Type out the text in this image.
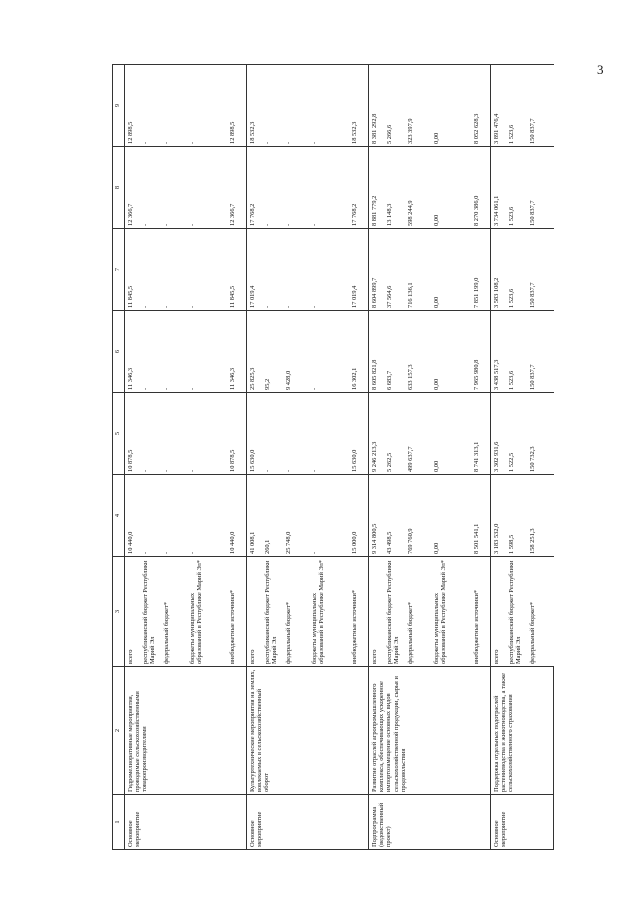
3
1	2	3	4	5	6	7	8	9
Основное мероприятие	Гидромелиоративные мероприятия, проводимые сельскохозяйственными товаропроизводителями	всего	10 440,0	10 878,5	11 346,3	11 845,5	12 366,7	12 898,5
		республиканский бюджет Республики Марий Эл	-	-	-	-	-	-
		федеральный бюджет*	-	-	-	-	-	-
		бюджеты муниципальных образований в Республике Марий Эл*	-	-	-	-	-	-
		внебюджетные источники*	10 440,0	10 878,5	11 346,3	11 845,5	12 366,7	12 898,5
Основное мероприятие	Культуртехнические мероприятия на землях, вовлекаемых в сельскохозяйственный оборот	всего	41 008,1	15 630,0	25 825,3	17 019,4	17 768,2	18 532,3
		республиканский бюджет Республики Марий Эл	260,1	-	95,2	-	-	-
		федеральный бюджет*	25 748,0	-	9 428,0	-	-	-
		бюджеты муниципальных образований в Республике Марий Эл*	-	-	-	-	-	-
		внебюджетные источники*	15 000,0	15 630,0	16 302,1	17 019,4	17 768,2	18 532,3
Подпрограмма (ведомственный проект)	Развитие отраслей агропромышленного комплекса, обеспечивающих ускоренное импортозамещение основных видов сельскохозяйственной продукции, сырья и продовольствия	всего	9 314 800,5	9 246 213,3	8 605 821,8	8 604 899,7	8 881 779,2	8 381 292,8
		республиканский бюджет Республики Марий Эл	43 498,5	5 262,5	6 683,7	37 564,6	13 148,3	5 266,6
		федеральный бюджет*	769 760,9	499 637,7	633 157,3	716 136,1	598 244,9	323 397,9
		бюджеты муниципальных образований в Республике Марий Эл*	0,00	0,00	0,00	0,00	0,00	0,00
		внебюджетные источники*	8 501 541,1	8 741 313,1	7 965 980,8	7 851 199,0	8 270 386,0	8 052 628,3
Основное мероприятие	Поддержка отдельных подотраслей растениеводства и животноводства, а также сельскохозяйственного страхования	всего	3 183 532,0	3 302 931,6	3 438 517,3	3 583 108,2	3 734 061,1	3 891 476,4
		республиканский бюджет Республики Марий Эл	1 598,5	1 522,5	1 523,6	1 523,6	1 523,6	1 523,6
		федеральный бюджет*	158 251,3	150 732,3	150 837,7	150 837,7	150 837,7	150 837,7
